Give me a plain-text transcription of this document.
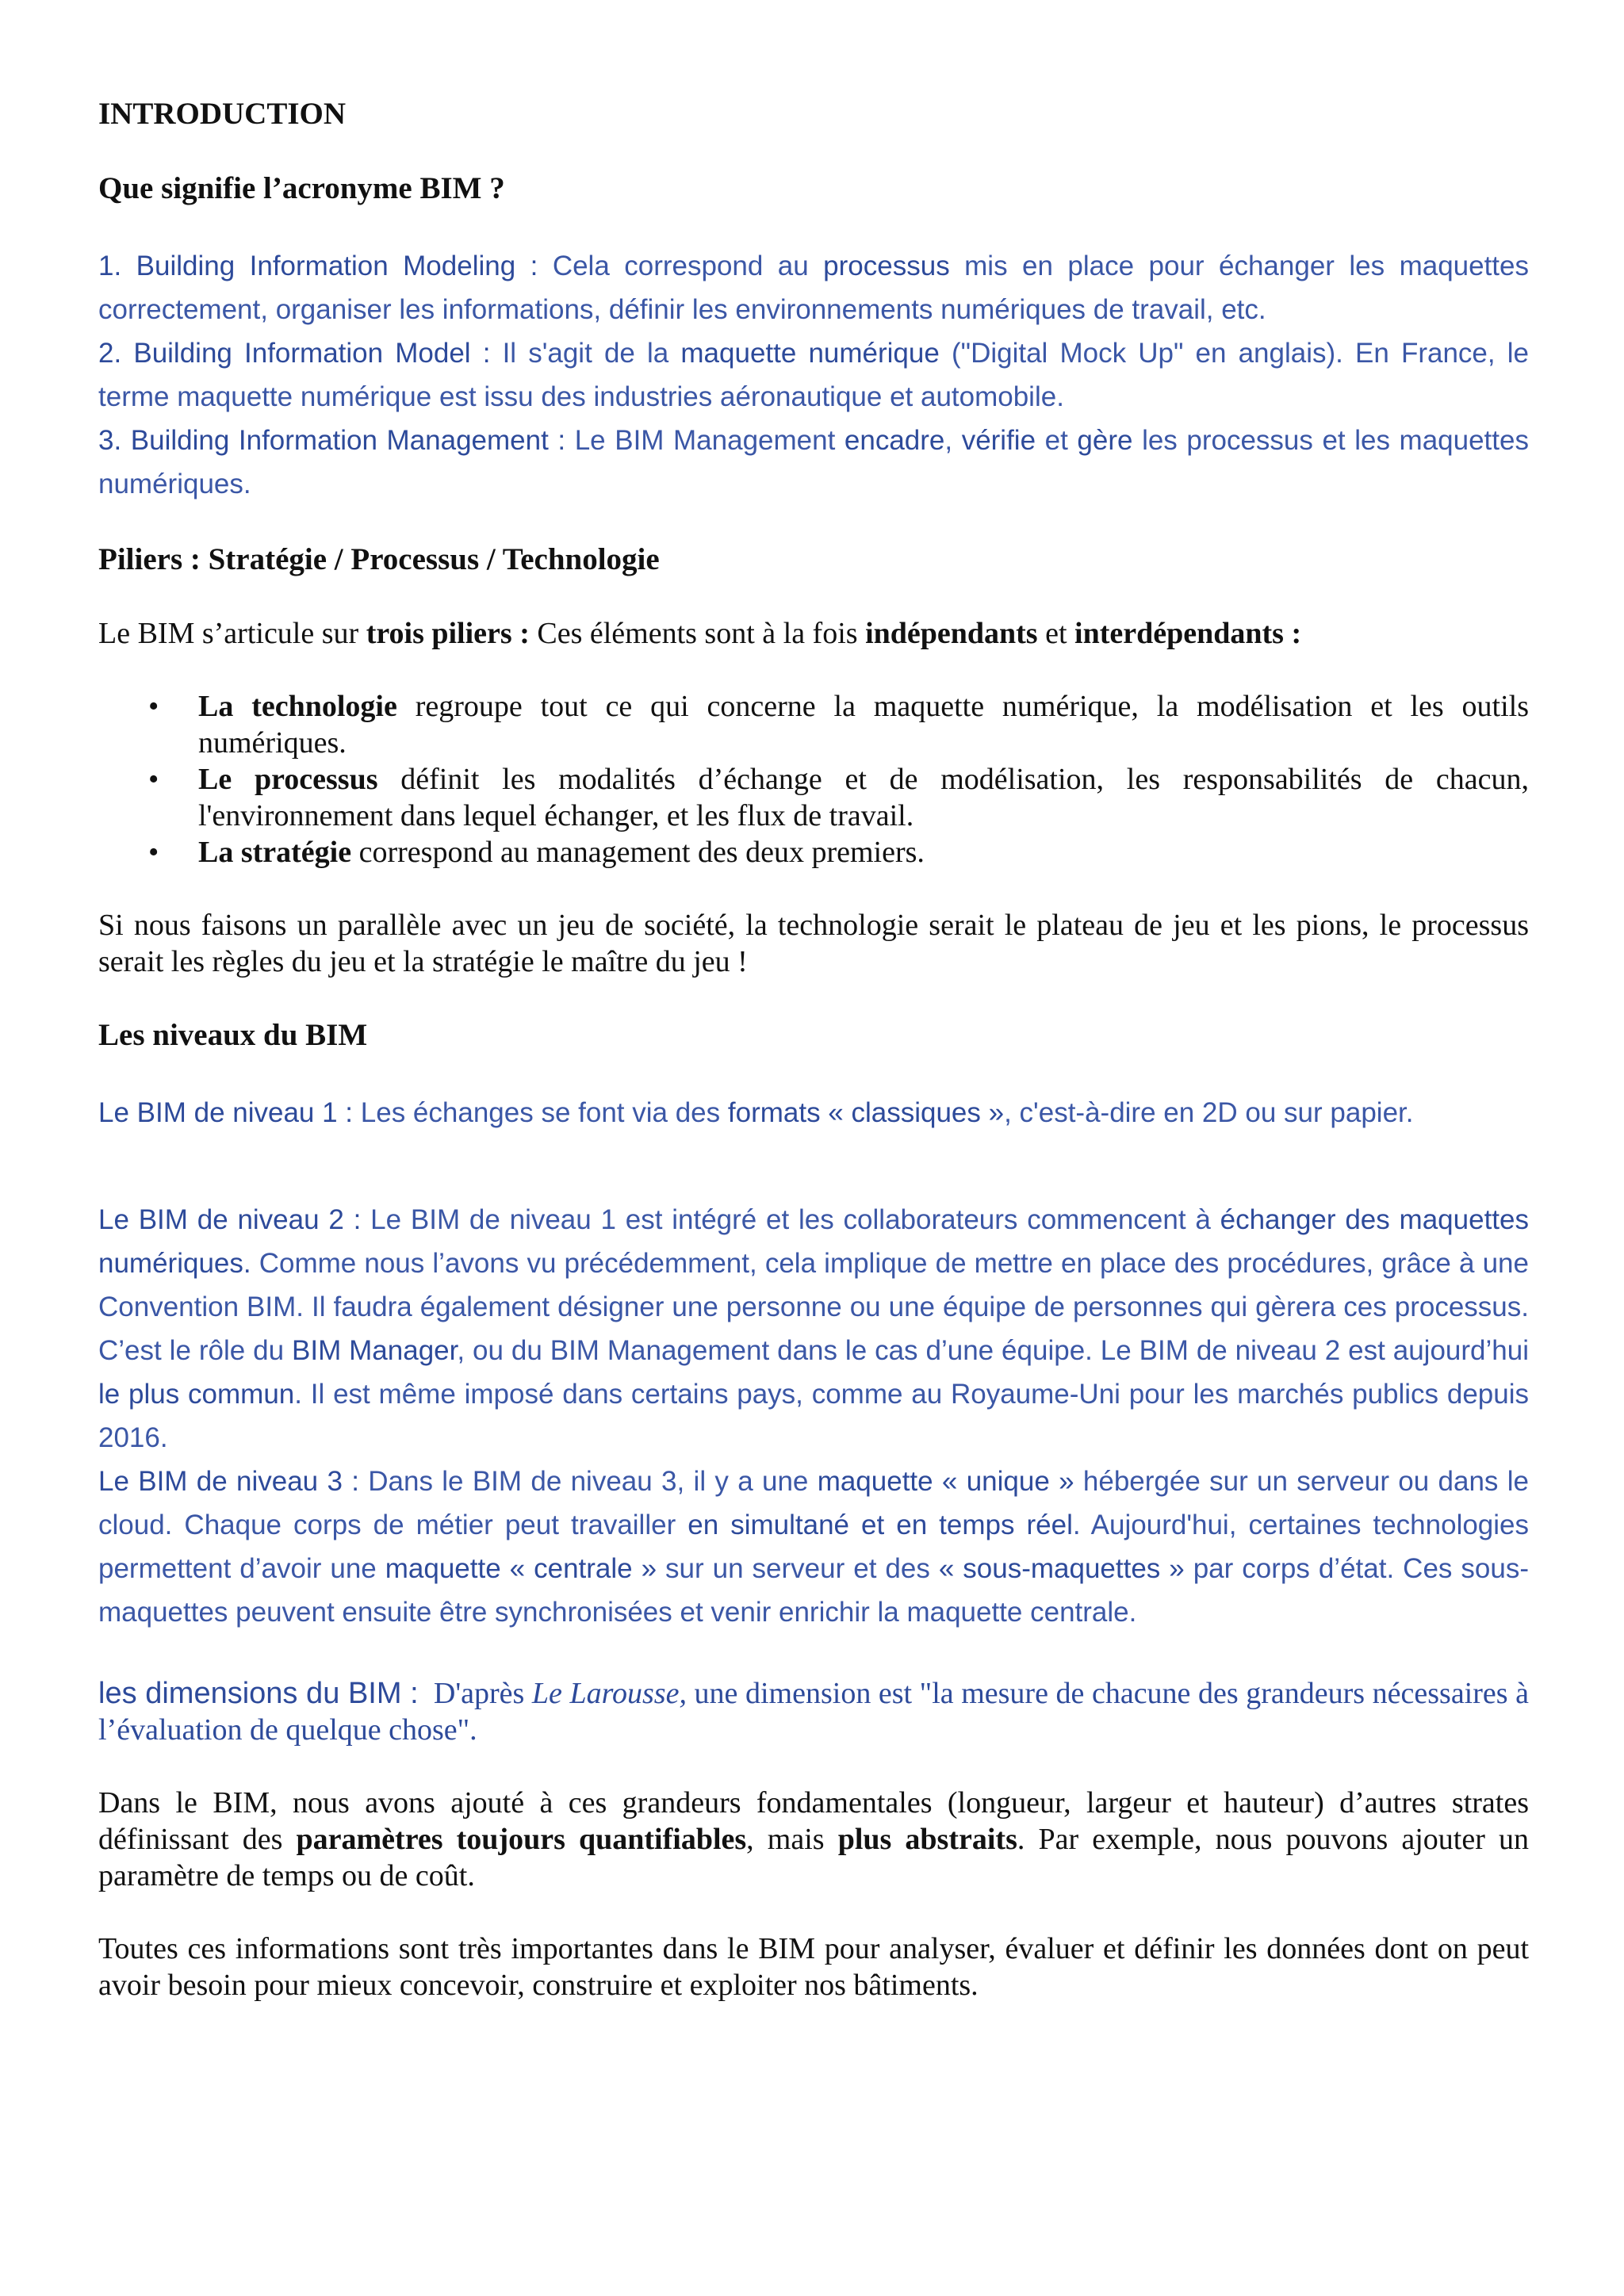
INTRODUCTION

Que signifie l’acronyme BIM ?

1. Building Information Modeling : Cela correspond au processus mis en place pour échanger les maquettes correctement, organiser les informations, définir les environnements numériques de travail, etc.

2. Building Information Model : Il s'agit de la maquette numérique ("Digital Mock Up" en anglais). En France, le terme maquette numérique est issu des industries aéronautique et automobile.

3. Building Information Management : Le BIM Management encadre, vérifie et gère les processus et les maquettes numériques.

Piliers : Stratégie / Processus / Technologie

Le BIM s’articule sur trois piliers : Ces éléments sont à la fois indépendants et interdépendants :

• La technologie regroupe tout ce qui concerne la maquette numérique, la modélisation et les outils numériques.
• Le processus définit les modalités d’échange et de modélisation, les responsabilités de chacun, l'environnement dans lequel échanger, et les flux de travail.
• La stratégie correspond au management des deux premiers.

Si nous faisons un parallèle avec un jeu de société, la technologie serait le plateau de jeu et les pions, le processus serait les règles du jeu et la stratégie le maître du jeu !

Les niveaux du BIM

Le BIM de niveau 1 : Les échanges se font via des formats « classiques », c'est-à-dire en 2D ou sur papier.

Le BIM de niveau 2 : Le BIM de niveau 1 est intégré et les collaborateurs commencent à échanger des maquettes numériques. Comme nous l’avons vu précédemment, cela implique de mettre en place des procédures, grâce à une Convention BIM. Il faudra également désigner une personne ou une équipe de personnes qui gèrera ces processus. C’est le rôle du BIM Manager, ou du BIM Management dans le cas d’une équipe. Le BIM de niveau 2 est aujourd’hui le plus commun. Il est même imposé dans certains pays, comme au Royaume-Uni pour les marchés publics depuis 2016.

Le BIM de niveau 3 : Dans le BIM de niveau 3, il y a une maquette « unique » hébergée sur un serveur ou dans le cloud. Chaque corps de métier peut travailler en simultané et en temps réel. Aujourd'hui, certaines technologies permettent d’avoir une maquette « centrale » sur un serveur et des « sous-maquettes » par corps d’état. Ces sous-maquettes peuvent ensuite être synchronisées et venir enrichir la maquette centrale.

les dimensions du BIM : D'après Le Larousse, une dimension est "la mesure de chacune des grandeurs nécessaires à l’évaluation de quelque chose".

Dans le BIM, nous avons ajouté à ces grandeurs fondamentales (longueur, largeur et hauteur) d’autres strates définissant des paramètres toujours quantifiables, mais plus abstraits. Par exemple, nous pouvons ajouter un paramètre de temps ou de coût.

Toutes ces informations sont très importantes dans le BIM pour analyser, évaluer et définir les données dont on peut avoir besoin pour mieux concevoir, construire et exploiter nos bâtiments.
